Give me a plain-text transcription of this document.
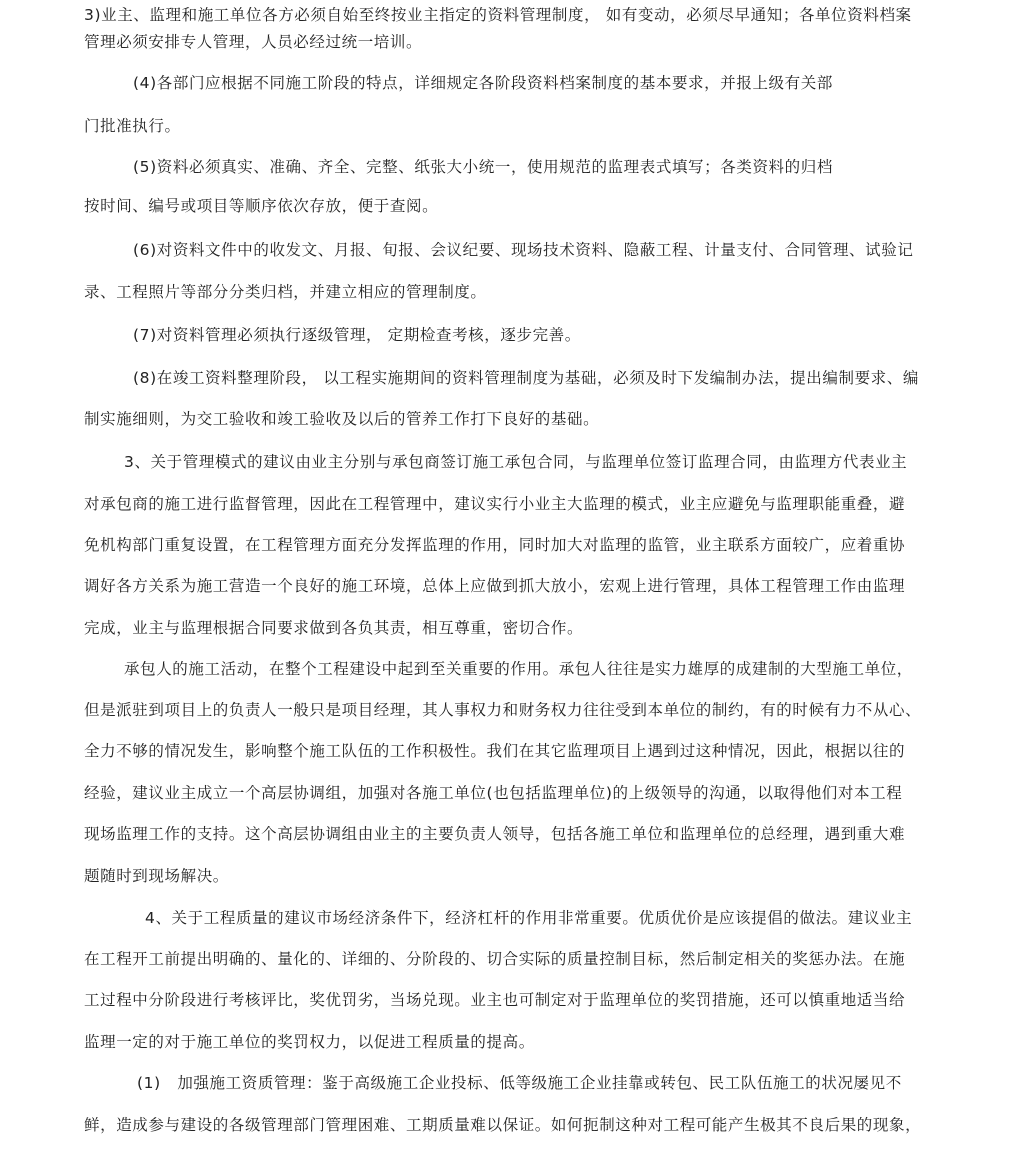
3)业主、监理和施工单位各方必须自始至终按业主指定的资料管理制度， 如有变动，必须尽早通知；各单位资料档案
管理必须安排专人管理，人员必经过统一培训。
(4)各部门应根据不同施工阶段的特点，详细规定各阶段资料档案制度的基本要求，并报上级有关部
门批准执行。
(5)资料必须真实、准确、齐全、完整、纸张大小统一，使用规范的监理表式填写；各类资料的归档
按时间、编号或项目等顺序依次存放，便于查阅。
(6)对资料文件中的收发文、月报、旬报、会议纪要、现场技术资料、隐蔽工程、计量支付、合同管理、试验记
录、工程照片等部分分类归档，并建立相应的管理制度。
(7)对资料管理必须执行逐级管理， 定期检查考核，逐步完善。
(8)在竣工资料整理阶段， 以工程实施期间的资料管理制度为基础，必须及时下发编制办法，提出编制要求、编
制实施细则，为交工验收和竣工验收及以后的管养工作打下良好的基础。
3、关于管理模式的建议由业主分别与承包商签订施工承包合同，与监理单位签订监理合同，由监理方代表业主
对承包商的施工进行监督管理，因此在工程管理中，建议实行小业主大监理的模式，业主应避免与监理职能重叠，避
免机构部门重复设置，在工程管理方面充分发挥监理的作用，同时加大对监理的监管，业主联系方面较广，应着重协
调好各方关系为施工营造一个良好的施工环境，总体上应做到抓大放小，宏观上进行管理，具体工程管理工作由监理
完成，业主与监理根据合同要求做到各负其责，相互尊重，密切合作。
承包人的施工活动，在整个工程建设中起到至关重要的作用。承包人往往是实力雄厚的成建制的大型施工单位，
但是派驻到项目上的负责人一般只是项目经理，其人事权力和财务权力往往受到本单位的制约，有的时候有力不从心、
全力不够的情况发生，影响整个施工队伍的工作积极性。我们在其它监理项目上遇到过这种情况，因此，根据以往的
经验，建议业主成立一个高层协调组，加强对各施工单位(也包括监理单位)的上级领导的沟通，以取得他们对本工程
现场监理工作的支持。这个高层协调组由业主的主要负责人领导，包括各施工单位和监理单位的总经理，遇到重大难
题随时到现场解决。
4、关于工程质量的建议市场经济条件下，经济杠杆的作用非常重要。优质优价是应该提倡的做法。建议业主
在工程开工前提出明确的、量化的、详细的、分阶段的、切合实际的质量控制目标，然后制定相关的奖惩办法。在施
工过程中分阶段进行考核评比，奖优罚劣，当场兑现。业主也可制定对于监理单位的奖罚措施，还可以慎重地适当给
监理一定的对于施工单位的奖罚权力，以促进工程质量的提高。
(1)   加强施工资质管理：鉴于高级施工企业投标、低等级施工企业挂靠或转包、民工队伍施工的状况屡见不
鲜，造成参与建设的各级管理部门管理困难、工期质量难以保证。如何扼制这种对工程可能产生极其不良后果的现象，
